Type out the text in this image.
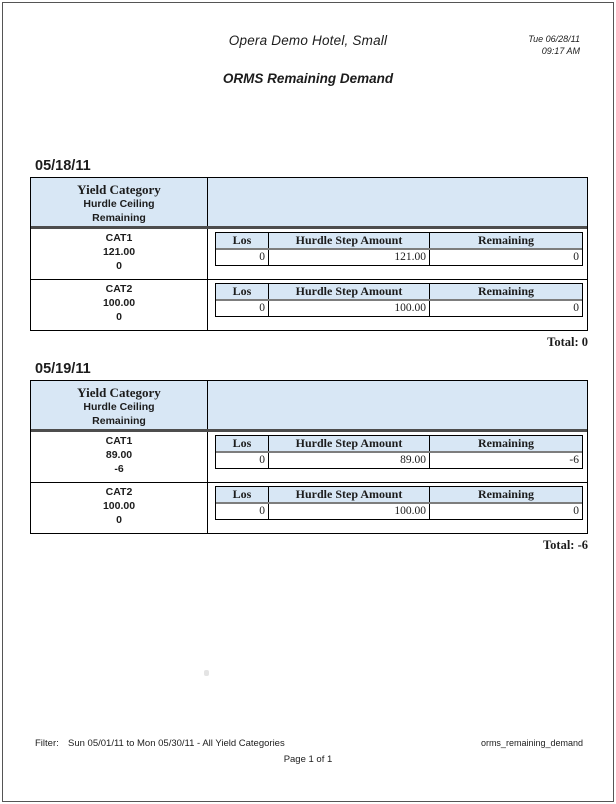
Opera Demo Hotel, Small	Tue 06/28/11
09:17 AM
ORMS Remaining Demand
05/18/11
Yield Category
Hurdle Ceiling
Remaining
CAT1
121.00
0
Los	Hurdle Step Amount	Remaining
0	121.00	0
CAT2
100.00
0
Los	Hurdle Step Amount	Remaining
0	100.00	0
Total: 0
05/19/11
Yield Category
Hurdle Ceiling
Remaining
CAT1
89.00
-6
Los	Hurdle Step Amount	Remaining
0	89.00	-6
CAT2
100.00
0
Los	Hurdle Step Amount	Remaining
0	100.00	0
Total: -6
Filter: Sun 05/01/11 to Mon 05/30/11 - All Yield Categories	orms_remaining_demand
Page 1 of 1
